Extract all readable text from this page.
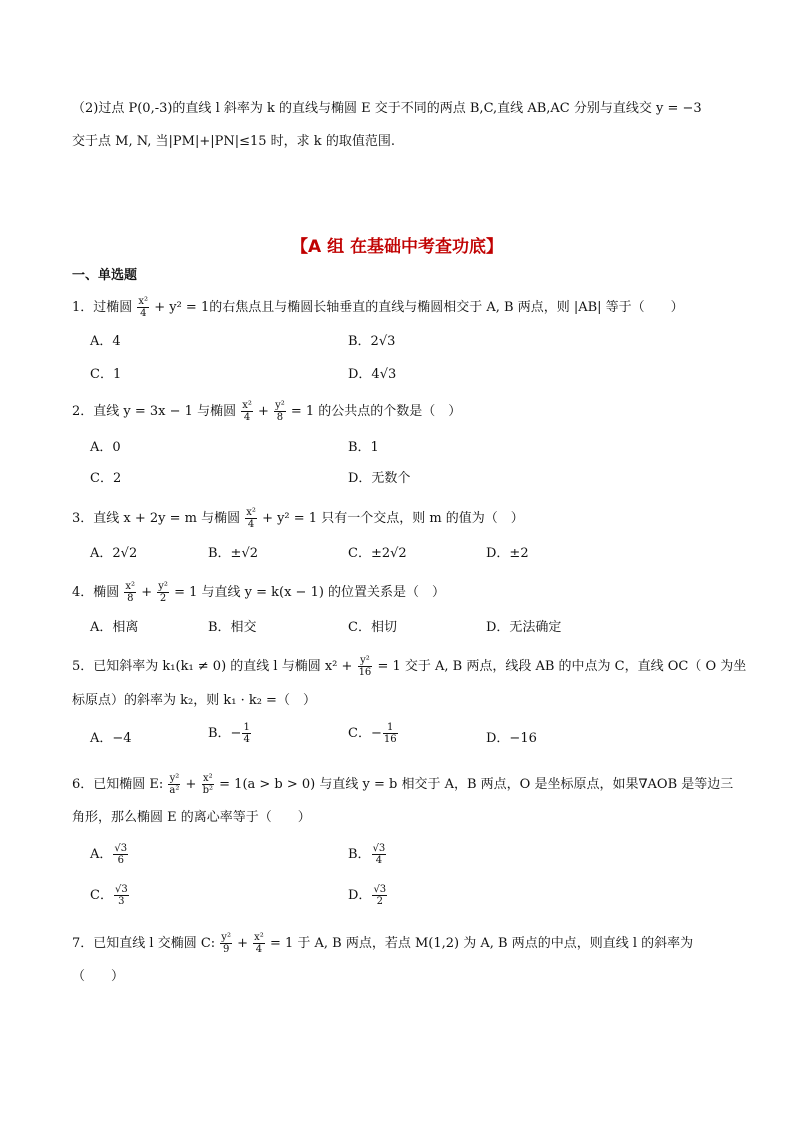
（2)过点 P(0,-3)的直线 l 斜率为 k 的直线与椭圆 E 交于不同的两点 B,C,直线 AB,AC 分别与直线交 y = −3
交于点 M, N, 当|PM|+|PN|≤15 时，求 k 的取值范围.
【A 组 在基础中考查功底】
一、单选题
1．过椭圆 $\frac{\text{x²}}{4} + y^2 = 1$的右焦点且与椭圆长轴垂直的直线与椭圆相交于 A, B 两点，则 |AB| 等于（　　）
A．4	B．2√3
C．1	D．4√3
2．直线 y = 3x − 1 与椭圆 $\frac{\text{x²}}{4} + \frac{\text{y²}}{8} = 1$ 的公共点的个数是（　）
A．0	B．1
C．2	D．无数个
3．直线 x + 2y = m 与椭圆 $\frac{\text{x²}}{4} + y^2 = 1$ 只有一个交点，则 m 的值为（　）
A．2√2	B．±√2	C．±2√2	D．±2
4．椭圆 $\frac{\text{x²}}{8} + \frac{\text{y²}}{2} = 1$ 与直线 y = k(x − 1) 的位置关系是（　）
A．相离	B．相交	C．相切	D．无法确定
5．已知斜率为 k₁(k₁ ≠ 0) 的直线 l 与椭圆 $x^2 + \frac{\text{y²}}{16} = 1$ 交于 A, B 两点，线段 AB 的中点为 C，直线 OC（ O 为坐
标原点）的斜率为 k₂，则 k₁ · k₂ =（　）
A．−4	B．− $\frac{1}{4}$	C．− $\frac{1}{16}$	D．−16
6．已知椭圆 E: $\frac{\text{y²}}{\text{a²}} + \frac{\text{x²}}{\text{b²}} = 1(a > b > 0)$ 与直线 y = b 相交于 A，B 两点，O 是坐标原点，如果∇AOB 是等边三
角形，那么椭圆 E 的离心率等于（　　）
A． $\frac{√3}{6}$	B． $\frac{√3}{4}$
C． $\frac{√3}{3}$	D． $\frac{√3}{2}$
7．已知直线 l 交椭圆 C: $\frac{\text{y²}}{9} + \frac{\text{x²}}{4} = 1$ 于 A, B 两点，若点 M(1,2) 为 A, B 两点的中点，则直线 l 的斜率为
（　　）
